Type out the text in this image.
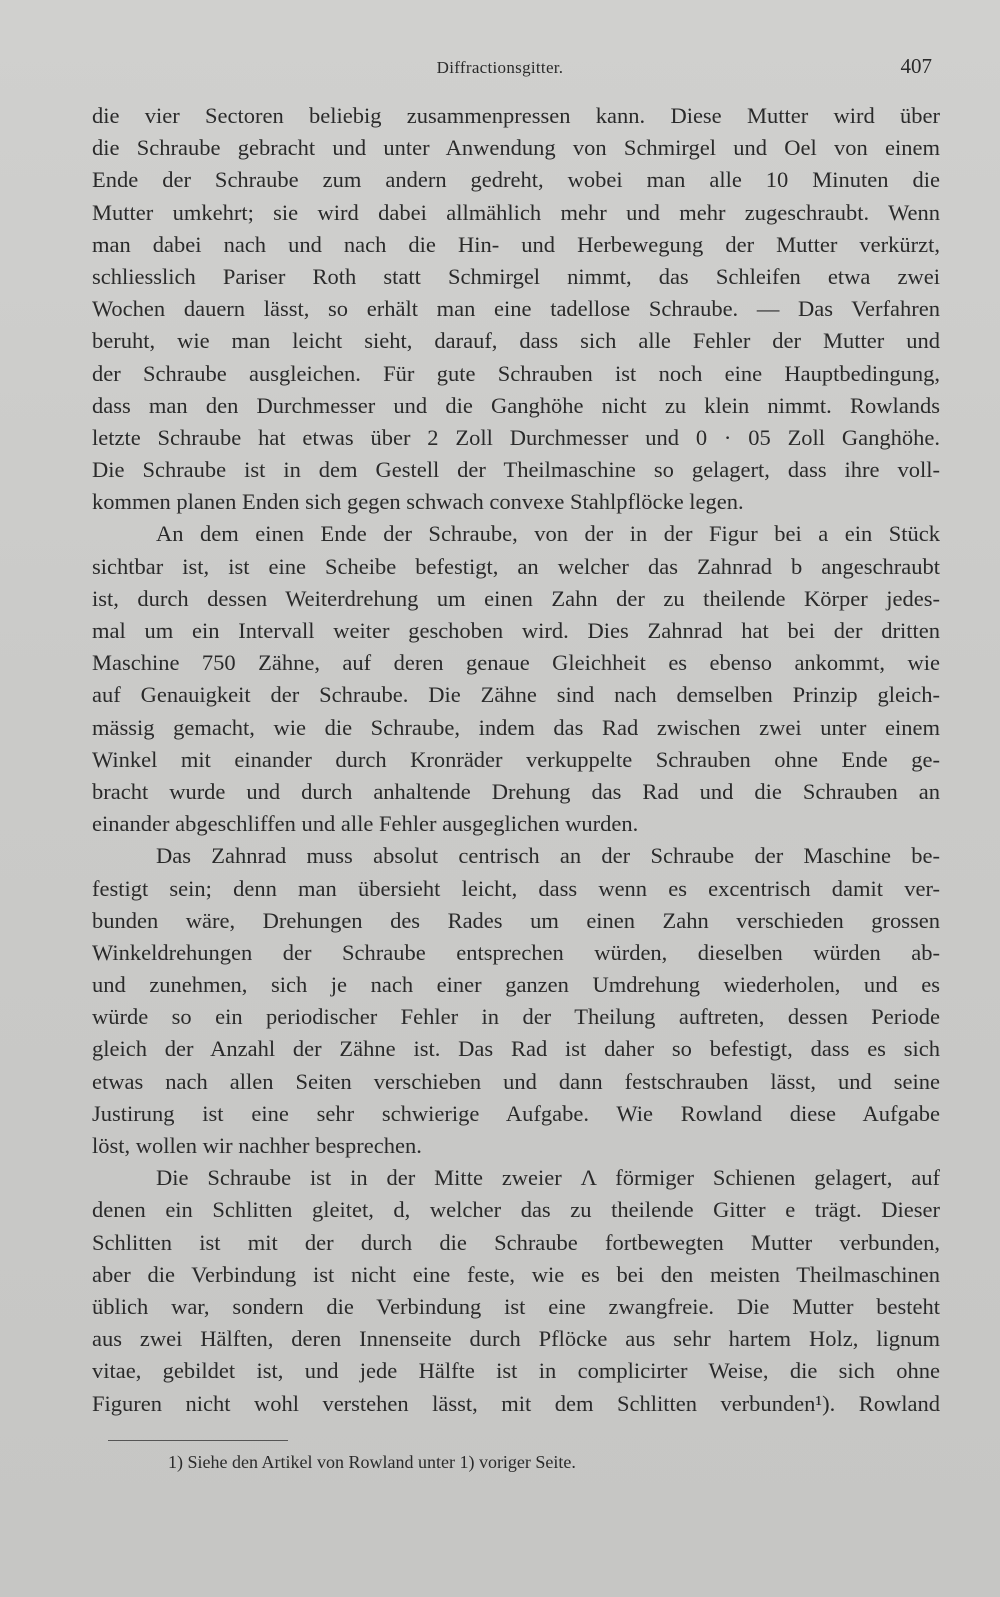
Diffractionsgitter.	407
die vier Sectoren beliebig zusammenpressen kann. Diese Mutter wird über
die Schraube gebracht und unter Anwendung von Schmirgel und Oel von einem
Ende der Schraube zum andern gedreht, wobei man alle 10 Minuten die
Mutter umkehrt; sie wird dabei allmählich mehr und mehr zugeschraubt. Wenn
man dabei nach und nach die Hin- und Herbewegung der Mutter verkürzt,
schliesslich Pariser Roth statt Schmirgel nimmt, das Schleifen etwa zwei
Wochen dauern lässt, so erhält man eine tadellose Schraube. — Das Verfahren
beruht, wie man leicht sieht, darauf, dass sich alle Fehler der Mutter und
der Schraube ausgleichen. Für gute Schrauben ist noch eine Hauptbedingung,
dass man den Durchmesser und die Ganghöhe nicht zu klein nimmt. Rowlands
letzte Schraube hat etwas über 2 Zoll Durchmesser und 0 · 05 Zoll Ganghöhe.
Die Schraube ist in dem Gestell der Theilmaschine so gelagert, dass ihre voll-
kommen planen Enden sich gegen schwach convexe Stahlpflöcke legen.
An dem einen Ende der Schraube, von der in der Figur bei a ein Stück
sichtbar ist, ist eine Scheibe befestigt, an welcher das Zahnrad b angeschraubt
ist, durch dessen Weiterdrehung um einen Zahn der zu theilende Körper jedes-
mal um ein Intervall weiter geschoben wird. Dies Zahnrad hat bei der dritten
Maschine 750 Zähne, auf deren genaue Gleichheit es ebenso ankommt, wie
auf Genauigkeit der Schraube. Die Zähne sind nach demselben Prinzip gleich-
mässig gemacht, wie die Schraube, indem das Rad zwischen zwei unter einem
Winkel mit einander durch Kronräder verkuppelte Schrauben ohne Ende ge-
bracht wurde und durch anhaltende Drehung das Rad und die Schrauben an
einander abgeschliffen und alle Fehler ausgeglichen wurden.
Das Zahnrad muss absolut centrisch an der Schraube der Maschine be-
festigt sein; denn man übersieht leicht, dass wenn es excentrisch damit ver-
bunden wäre, Drehungen des Rades um einen Zahn verschieden grossen
Winkeldrehungen der Schraube entsprechen würden, dieselben würden ab-
und zunehmen, sich je nach einer ganzen Umdrehung wiederholen, und es
würde so ein periodischer Fehler in der Theilung auftreten, dessen Periode
gleich der Anzahl der Zähne ist. Das Rad ist daher so befestigt, dass es sich
etwas nach allen Seiten verschieben und dann festschrauben lässt, und seine
Justirung ist eine sehr schwierige Aufgabe. Wie Rowland diese Aufgabe
löst, wollen wir nachher besprechen.
Die Schraube ist in der Mitte zweier Λ förmiger Schienen gelagert, auf
denen ein Schlitten gleitet, d, welcher das zu theilende Gitter e trägt. Dieser
Schlitten ist mit der durch die Schraube fortbewegten Mutter verbunden,
aber die Verbindung ist nicht eine feste, wie es bei den meisten Theilmaschinen
üblich war, sondern die Verbindung ist eine zwangfreie. Die Mutter besteht
aus zwei Hälften, deren Innenseite durch Pflöcke aus sehr hartem Holz, lignum
vitae, gebildet ist, und jede Hälfte ist in complicirter Weise, die sich ohne
Figuren nicht wohl verstehen lässt, mit dem Schlitten verbunden¹). Rowland
1) Siehe den Artikel von Rowland unter 1) voriger Seite.
